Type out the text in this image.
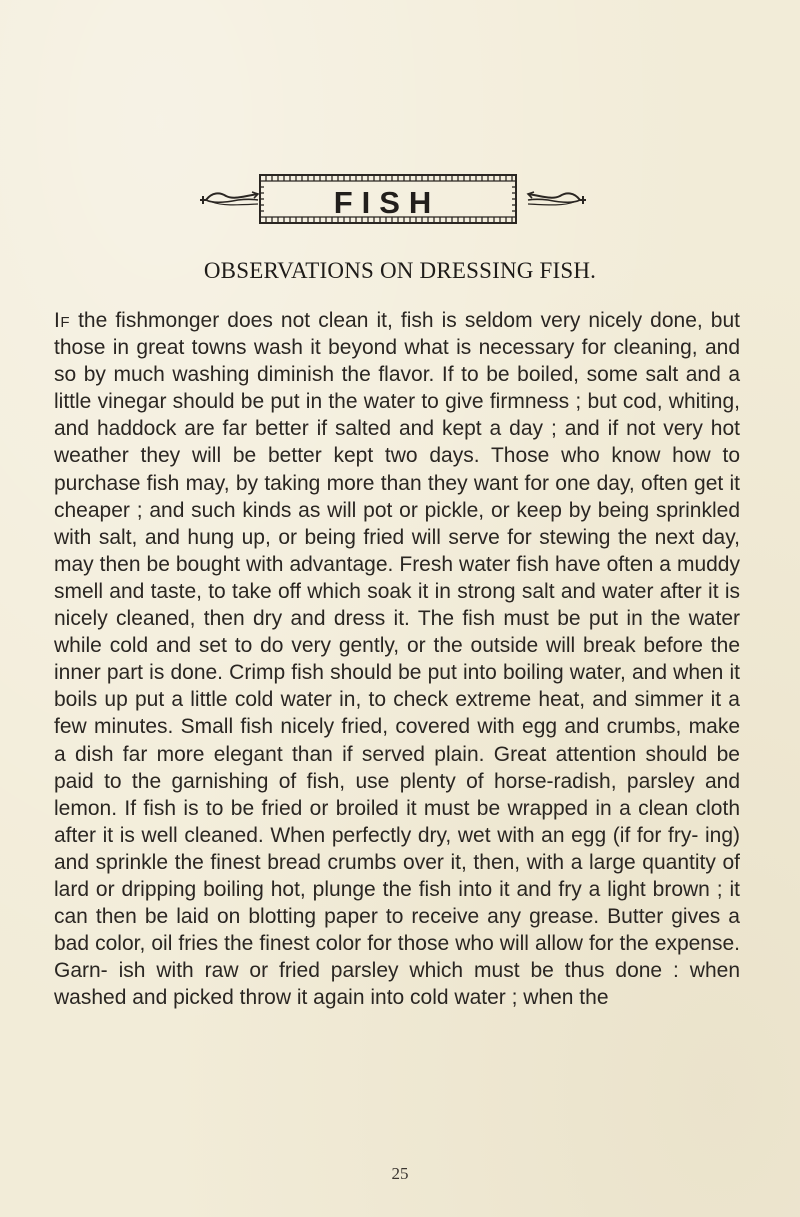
FISH
OBSERVATIONS ON DRESSING FISH.
If the fishmonger does not clean it, fish is seldom very nicely done, but those in great towns wash it beyond what is necessary for cleaning, and so by much washing diminish the flavor. If to be boiled, some salt and a little vinegar should be put in the water to give firmness ; but cod, whiting, and haddock are far better if salted and kept a day ; and if not very hot weather they will be better kept two days. Those who know how to purchase fish may, by taking more than they want for one day, often get it cheaper ; and such kinds as will pot or pickle, or keep by being sprinkled with salt, and hung up, or being fried will serve for stewing the next day, may then be bought with advantage. Fresh water fish have often a muddy smell and taste, to take off which soak it in strong salt and water after it is nicely cleaned, then dry and dress it. The fish must be put in the water while cold and set to do very gently, or the outside will break before the inner part is done. Crimp fish should be put into boiling water, and when it boils up put a little cold water in, to check extreme heat, and simmer it a few minutes. Small fish nicely fried, covered with egg and crumbs, make a dish far more elegant than if served plain. Great attention should be paid to the garnishing of fish, use plenty of horse-radish, parsley and lemon. If fish is to be fried or broiled it must be wrapped in a clean cloth after it is well cleaned. When perfectly dry, wet with an egg (if for fry- ing) and sprinkle the finest bread crumbs over it, then, with a large quantity of lard or dripping boiling hot, plunge the fish into it and fry a light brown ; it can then be laid on blotting paper to receive any grease. Butter gives a bad color, oil fries the finest color for those who will allow for the expense. Garn- ish with raw or fried parsley which must be thus done : when washed and picked throw it again into cold water ; when the
25
